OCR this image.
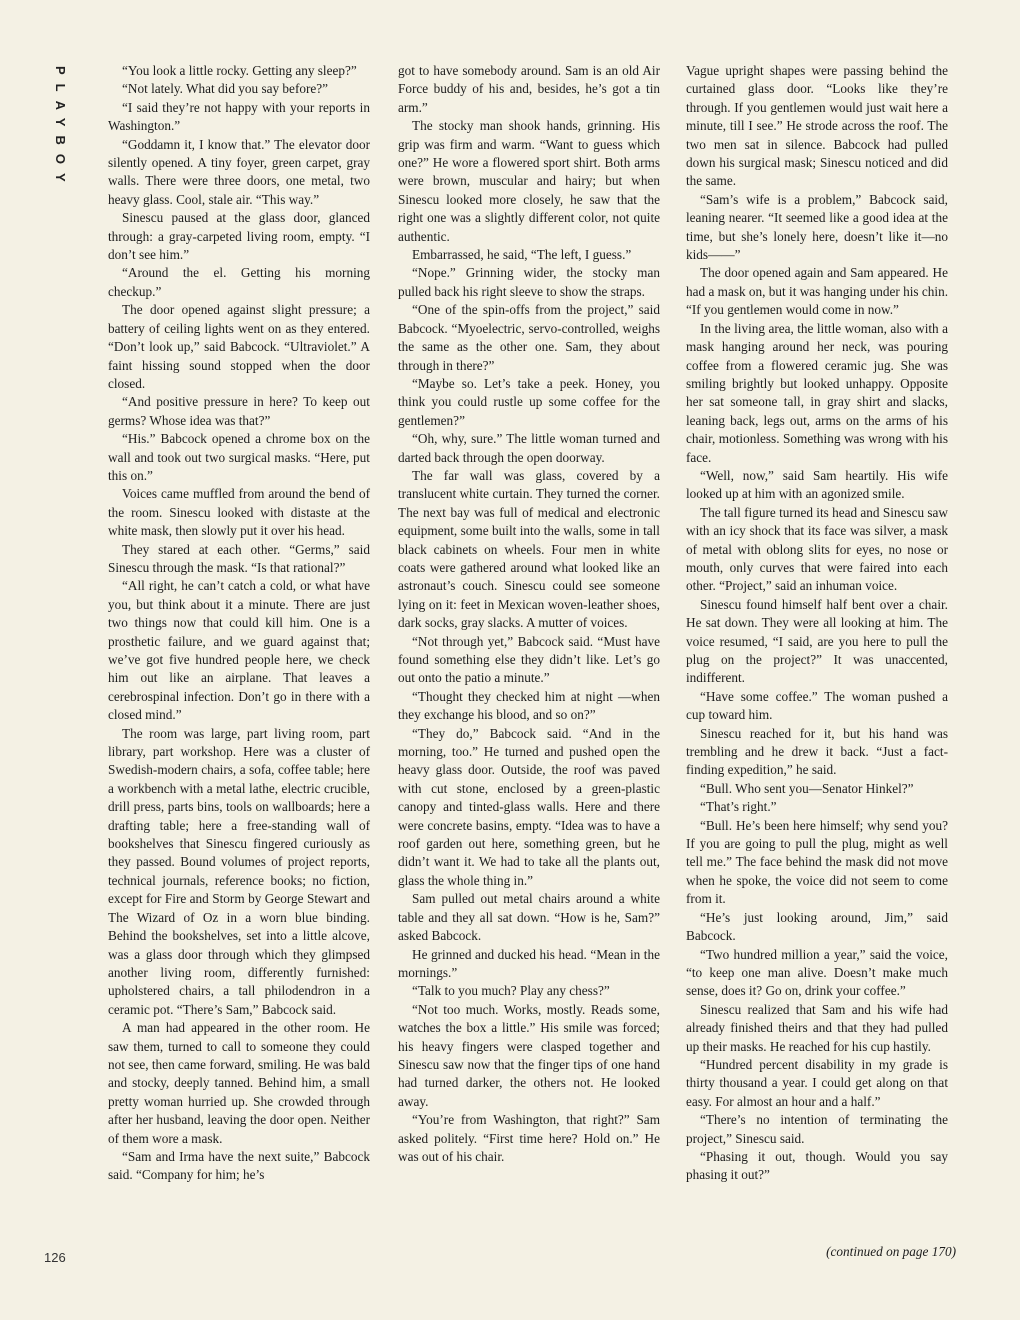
PLAYBOY	“You look a little rocky. Getting any sleep?”

“Not lately. What did you say before?”

“I said they’re not happy with your reports in Washington.”

“Goddamn it, I know that.” The elevator door silently opened. A tiny foyer, green carpet, gray walls. There were three doors, one metal, two heavy glass. Cool, stale air. “This way.”

Sinescu paused at the glass door, glanced through: a gray-carpeted living room, empty. “I don’t see him.”

“Around the el. Getting his morning checkup.”

The door opened against slight pressure; a battery of ceiling lights went on as they entered. “Don’t look up,” said Babcock. “Ultraviolet.” A faint hissing sound stopped when the door closed.

“And positive pressure in here? To keep out germs? Whose idea was that?”

“His.” Babcock opened a chrome box on the wall and took out two surgical masks. “Here, put this on.”

Voices came muffled from around the bend of the room. Sinescu looked with distaste at the white mask, then slowly put it over his head.

They stared at each other. “Germs,” said Sinescu through the mask. “Is that rational?”

“All right, he can’t catch a cold, or what have you, but think about it a minute. There are just two things now that could kill him. One is a prosthetic failure, and we guard against that; we’ve got five hundred people here, we check him out like an airplane. That leaves a cerebrospinal infection. Don’t go in there with a closed mind.”

The room was large, part living room, part library, part workshop. Here was a cluster of Swedish-modern chairs, a sofa, coffee table; here a workbench with a metal lathe, electric crucible, drill press, parts bins, tools on wallboards; here a drafting table; here a free-standing wall of bookshelves that Sinescu fingered curiously as they passed. Bound volumes of project reports, technical journals, reference books; no fiction, except for Fire and Storm by George Stewart and The Wizard of Oz in a worn blue binding. Behind the bookshelves, set into a little alcove, was a glass door through which they glimpsed another living room, differently furnished: upholstered chairs, a tall philodendron in a ceramic pot. “There’s Sam,” Babcock said.

A man had appeared in the other room. He saw them, turned to call to someone they could not see, then came forward, smiling. He was bald and stocky, deeply tanned. Behind him, a small pretty woman hurried up. She crowded through after her husband, leaving the door open. Neither of them wore a mask.

“Sam and Irma have the next suite,” Babcock said. “Company for him; he’s

got to have somebody around. Sam is an old Air Force buddy of his and, besides, he’s got a tin arm.”

The stocky man shook hands, grinning. His grip was firm and warm. “Want to guess which one?” He wore a flowered sport shirt. Both arms were brown, muscular and hairy; but when Sinescu looked more closely, he saw that the right one was a slightly different color, not quite authentic.

Embarrassed, he said, “The left, I guess.”

“Nope.” Grinning wider, the stocky man pulled back his right sleeve to show the straps.

“One of the spin-offs from the project,” said Babcock. “Myoelectric, servo-controlled, weighs the same as the other one. Sam, they about through in there?”

“Maybe so. Let’s take a peek. Honey, you think you could rustle up some coffee for the gentlemen?”

“Oh, why, sure.” The little woman turned and darted back through the open doorway.

The far wall was glass, covered by a translucent white curtain. They turned the corner. The next bay was full of medical and electronic equipment, some built into the walls, some in tall black cabinets on wheels. Four men in white coats were gathered around what looked like an astronaut’s couch. Sinescu could see someone lying on it: feet in Mexican woven-leather shoes, dark socks, gray slacks. A mutter of voices.

“Not through yet,” Babcock said. “Must have found something else they didn’t like. Let’s go out onto the patio a minute.”

“Thought they checked him at night —when they exchange his blood, and so on?”

“They do,” Babcock said. “And in the morning, too.” He turned and pushed open the heavy glass door. Outside, the roof was paved with cut stone, enclosed by a green-plastic canopy and tinted-glass walls. Here and there were concrete basins, empty. “Idea was to have a roof garden out here, something green, but he didn’t want it. We had to take all the plants out, glass the whole thing in.”

Sam pulled out metal chairs around a white table and they all sat down. “How is he, Sam?” asked Babcock.

He grinned and ducked his head. “Mean in the mornings.”

“Talk to you much? Play any chess?”

“Not too much. Works, mostly. Reads some, watches the box a little.” His smile was forced; his heavy fingers were clasped together and Sinescu saw now that the finger tips of one hand had turned darker, the others not. He looked away.

“You’re from Washington, that right?” Sam asked politely. “First time here? Hold on.” He was out of his chair.

Vague upright shapes were passing behind the curtained glass door. “Looks like they’re through. If you gentlemen would just wait here a minute, till I see.” He strode across the roof. The two men sat in silence. Babcock had pulled down his surgical mask; Sinescu noticed and did the same.

“Sam’s wife is a problem,” Babcock said, leaning nearer. “It seemed like a good idea at the time, but she’s lonely here, doesn’t like it—no kids——”

The door opened again and Sam appeared. He had a mask on, but it was hanging under his chin. “If you gentlemen would come in now.”

In the living area, the little woman, also with a mask hanging around her neck, was pouring coffee from a flowered ceramic jug. She was smiling brightly but looked unhappy. Opposite her sat someone tall, in gray shirt and slacks, leaning back, legs out, arms on the arms of his chair, motionless. Something was wrong with his face.

“Well, now,” said Sam heartily. His wife looked up at him with an agonized smile.

The tall figure turned its head and Sinescu saw with an icy shock that its face was silver, a mask of metal with oblong slits for eyes, no nose or mouth, only curves that were faired into each other. “Project,” said an inhuman voice.

Sinescu found himself half bent over a chair. He sat down. They were all looking at him. The voice resumed, “I said, are you here to pull the plug on the project?” It was unaccented, indifferent.

“Have some coffee.” The woman pushed a cup toward him.

Sinescu reached for it, but his hand was trembling and he drew it back. “Just a fact-finding expedition,” he said.

“Bull. Who sent you—Senator Hinkel?”

“That’s right.”

“Bull. He’s been here himself; why send you? If you are going to pull the plug, might as well tell me.” The face behind the mask did not move when he spoke, the voice did not seem to come from it.

“He’s just looking around, Jim,” said Babcock.

“Two hundred million a year,” said the voice, “to keep one man alive. Doesn’t make much sense, does it? Go on, drink your coffee.”

Sinescu realized that Sam and his wife had already finished theirs and that they had pulled up their masks. He reached for his cup hastily.

“Hundred percent disability in my grade is thirty thousand a year. I could get along on that easy. For almost an hour and a half.”

“There’s no intention of terminating the project,” Sinescu said.

“Phasing it out, though. Would you say phasing it out?”

126	(continued on page 170)
